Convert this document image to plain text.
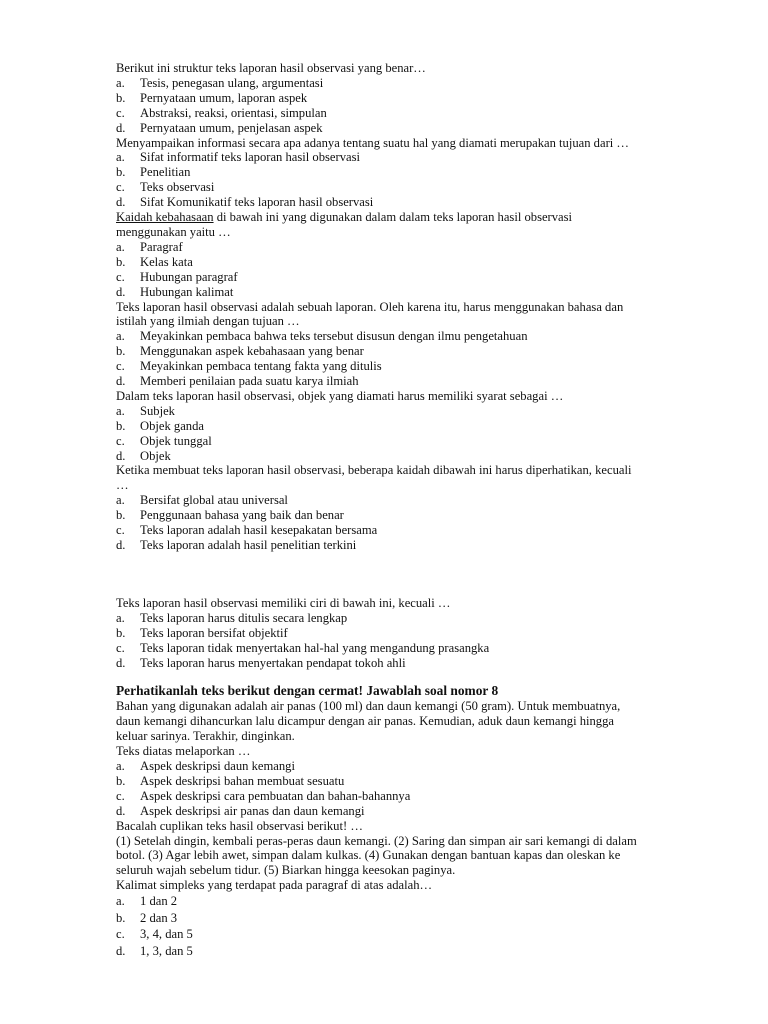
Berikut ini struktur teks laporan hasil observasi yang benar…
a.	Tesis, penegasan ulang, argumentasi
b.	Pernyataan umum, laporan aspek
c.	Abstraksi, reaksi, orientasi, simpulan
d.	Pernyataan umum, penjelasan aspek
Menyampaikan informasi secara apa adanya tentang suatu hal yang diamati merupakan tujuan dari …
a.	Sifat informatif teks laporan hasil observasi
b.	Penelitian
c.	Teks observasi
d.	Sifat Komunikatif teks laporan hasil observasi
Kaidah kebahasaan di bawah ini yang digunakan dalam dalam teks laporan hasil observasi
menggunakan yaitu …
a.	Paragraf
b.	Kelas kata
c.	Hubungan paragraf
d.	Hubungan kalimat
Teks laporan hasil observasi adalah sebuah laporan. Oleh karena itu, harus menggunakan bahasa dan
istilah yang ilmiah dengan tujuan …
a.	Meyakinkan pembaca bahwa teks tersebut disusun dengan ilmu pengetahuan
b.	Menggunakan aspek kebahasaan yang benar
c.	Meyakinkan pembaca tentang fakta yang ditulis
d.	Memberi penilaian pada suatu karya ilmiah
Dalam teks laporan hasil observasi, objek yang diamati harus memiliki syarat sebagai …
a.	Subjek
b.	Objek ganda
c.	Objek tunggal
d.	Objek
Ketika membuat teks laporan hasil observasi, beberapa kaidah dibawah ini harus diperhatikan, kecuali
…
a.	Bersifat global atau universal
b.	Penggunaan bahasa yang baik dan benar
c.	Teks laporan adalah hasil kesepakatan bersama
d.	Teks laporan adalah hasil penelitian terkini
Teks laporan hasil observasi memiliki ciri di bawah ini, kecuali …
a.	Teks laporan harus ditulis secara lengkap
b.	Teks laporan bersifat objektif
c.	Teks laporan tidak menyertakan hal-hal yang mengandung prasangka
d.	Teks laporan harus menyertakan pendapat tokoh ahli
Perhatikanlah teks berikut dengan cermat! Jawablah soal nomor 8
Bahan yang digunakan adalah air panas (100 ml) dan daun kemangi (50 gram). Untuk membuatnya,
daun kemangi dihancurkan lalu dicampur dengan air panas. Kemudian, aduk daun kemangi hingga
keluar sarinya. Terakhir, dinginkan.
Teks diatas melaporkan …
a.	Aspek deskripsi daun kemangi
b.	Aspek deskripsi bahan membuat sesuatu
c.	Aspek deskripsi cara pembuatan dan bahan-bahannya
d.	Aspek deskripsi air panas dan daun kemangi
Bacalah cuplikan teks hasil observasi berikut! …
(1) Setelah dingin, kembali peras-peras daun kemangi. (2) Saring dan simpan air sari kemangi di dalam
botol. (3) Agar lebih awet, simpan dalam kulkas. (4) Gunakan dengan bantuan kapas dan oleskan ke
seluruh wajah sebelum tidur. (5) Biarkan hingga keesokan paginya.
Kalimat simpleks yang terdapat pada paragraf di atas adalah…
a.	1 dan 2
b.	2 dan 3
c.	3, 4, dan 5
d.	1, 3, dan 5
